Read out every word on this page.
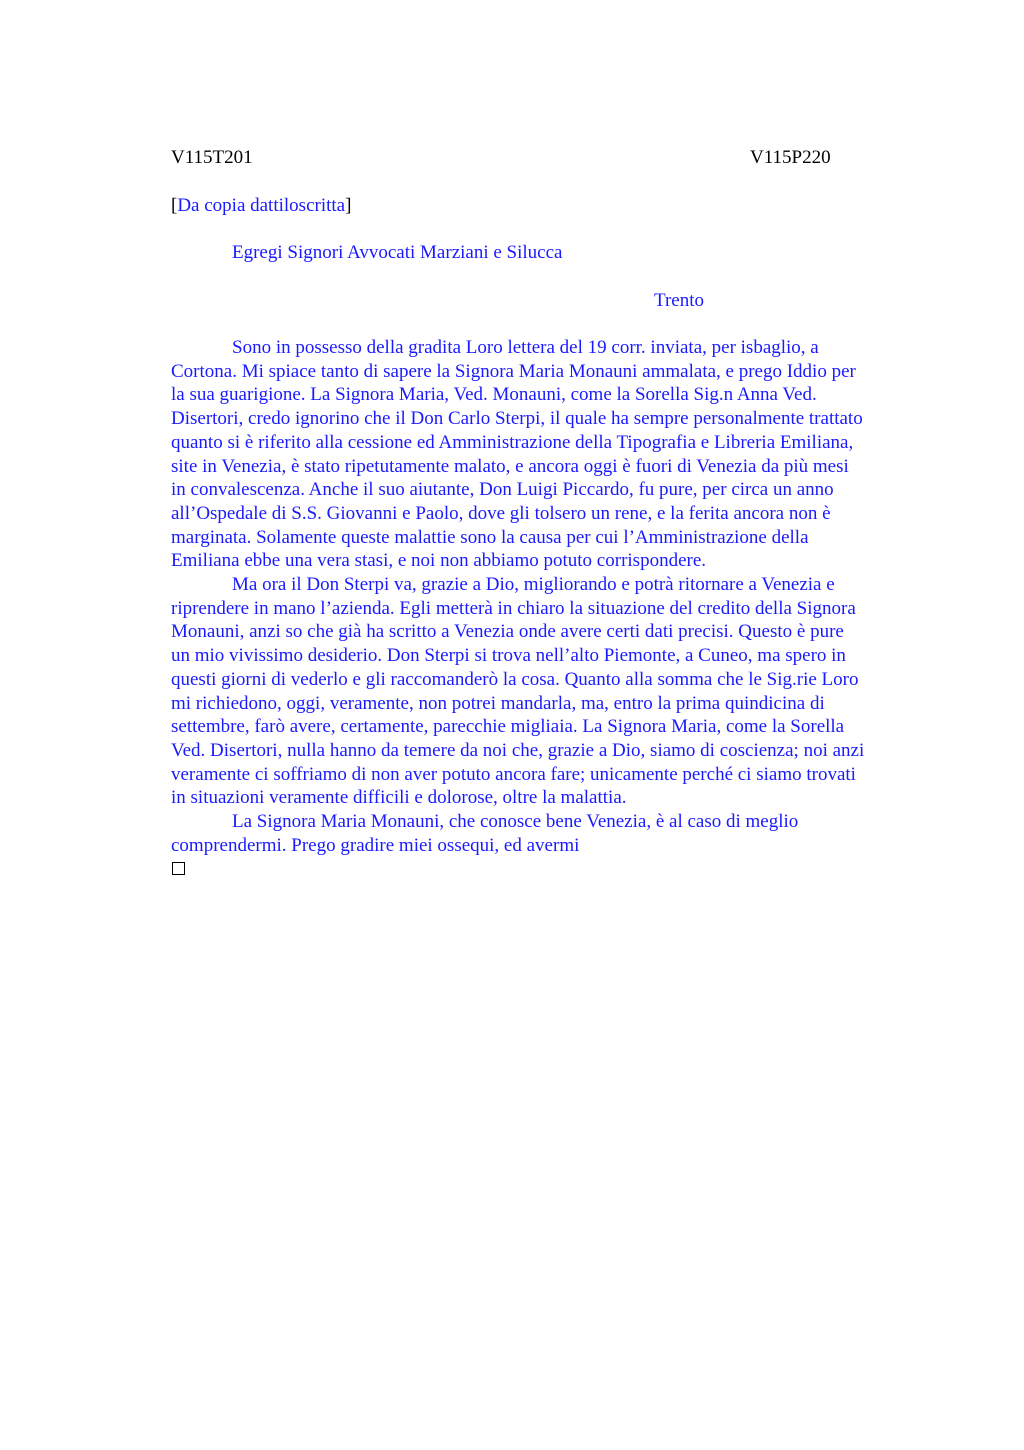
V115T201	V115P220
[Da copia dattiloscritta]
Egregi Signori Avvocati Marziani e Silucca
Trento
Sono in possesso della gradita Loro lettera del 19 corr. inviata, per isbaglio, a
Cortona. Mi spiace tanto di sapere la Signora Maria Monauni ammalata, e prego Iddio per
la sua guarigione. La Signora Maria, Ved. Monauni, come la Sorella Sig.n Anna Ved.
Disertori, credo ignorino che il Don Carlo Sterpi, il quale ha sempre personalmente trattato
quanto si è riferito alla cessione ed Amministrazione della Tipografia e Libreria Emiliana,
site in Venezia, è stato ripetutamente malato, e ancora oggi è fuori di Venezia da più mesi
in convalescenza. Anche il suo aiutante, Don Luigi Piccardo, fu pure, per circa un anno
all’Ospedale di S.S. Giovanni e Paolo, dove gli tolsero un rene, e la ferita ancora non è
marginata. Solamente queste malattie sono la causa per cui l’Amministrazione della
Emiliana ebbe una vera stasi, e noi non abbiamo potuto corrispondere.
Ma ora il Don Sterpi va, grazie a Dio, migliorando e potrà ritornare a Venezia e
riprendere in mano l’azienda. Egli metterà in chiaro la situazione del credito della Signora
Monauni, anzi so che già ha scritto a Venezia onde avere certi dati precisi. Questo è pure
un mio vivissimo desiderio. Don Sterpi si trova nell’alto Piemonte, a Cuneo, ma spero in
questi giorni di vederlo e gli raccomanderò la cosa. Quanto alla somma che le Sig.rie Loro
mi richiedono, oggi, veramente, non potrei mandarla, ma, entro la prima quindicina di
settembre, farò avere, certamente, parecchie migliaia. La Signora Maria, come la Sorella
Ved. Disertori, nulla hanno da temere da noi che, grazie a Dio, siamo di coscienza; noi anzi
veramente ci soffriamo di non aver potuto ancora fare; unicamente perché ci siamo trovati
in situazioni veramente difficili e dolorose, oltre la malattia.
La Signora Maria Monauni, che conosce bene Venezia, è al caso di meglio
comprendermi. Prego gradire miei ossequi, ed avermi
